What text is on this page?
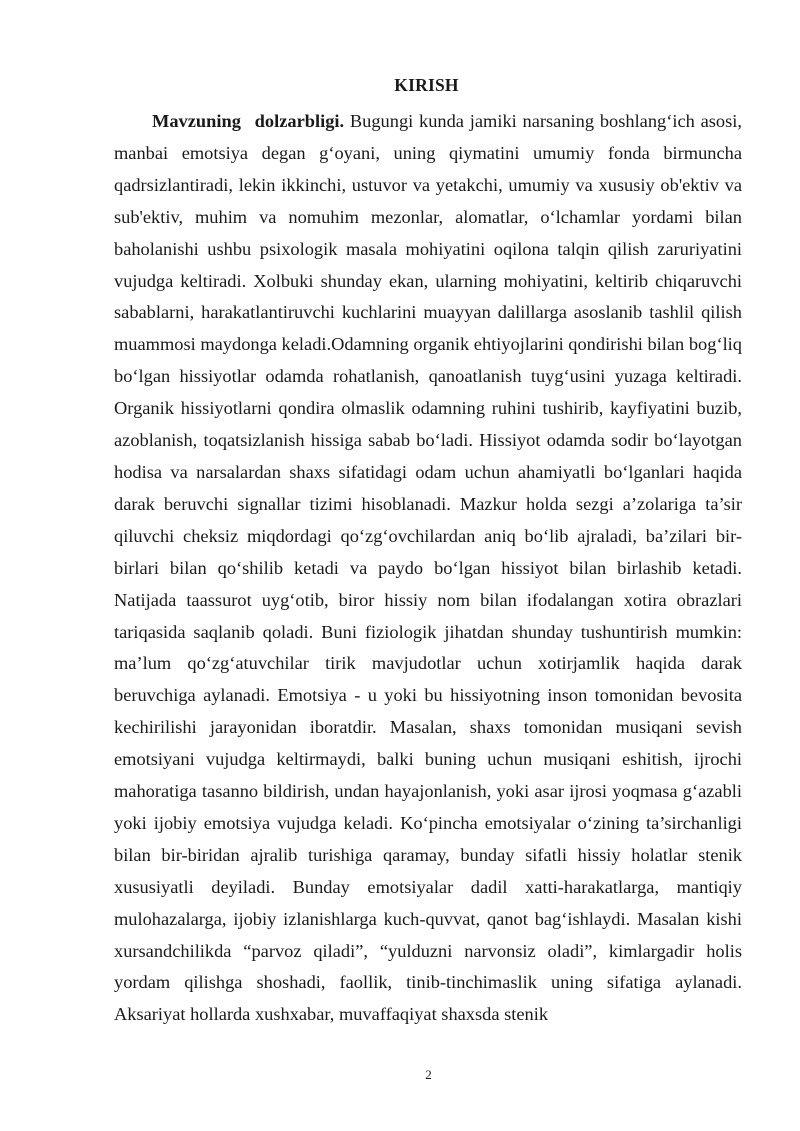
KIRISH

Mavzuning dolzarbligi. Bugungi kunda jamiki narsaning boshlang‘ich asosi, manbai emotsiya degan g‘oyani, uning qiymatini umumiy fonda birmuncha qadrsizlantiradi, lekin ikkinchi, ustuvor va yetakchi, umumiy va xususiy ob'ektiv va sub'ektiv, muhim va nomuhim mezonlar, alomatlar, o‘lchamlar yordami bilan baholanishi ushbu psixologik masala mohiyatini oqilona talqin qilish zaruriyatini vujudga keltiradi. Xolbuki shunday ekan, ularning mohiyatini, keltirib chiqaruvchi sabablarni, harakatlantiruvchi kuchlarini muayyan dalillarga asoslanib tashlil qilish muammosi maydonga keladi.Odamning organik ehtiyojlarini qondirishi bilan bog‘liq bo‘lgan hissiyotlar odamda rohatlanish, qanoatlanish tuyg‘usini yuzaga keltiradi. Organik hissiyotlarni qondira olmaslik odamning ruhini tushirib, kayfiyatini buzib, azoblanish, toqatsizlanish hissiga sabab bo‘ladi. Hissiyot odamda sodir bo‘layotgan hodisa va narsalardan shaxs sifatidagi odam uchun ahamiyatli bo‘lganlari haqida darak beruvchi signallar tizimi hisoblanadi. Mazkur holda sezgi a’zolariga ta’sir qiluvchi cheksiz miqdordagi qo‘zg‘ovchilardan aniq bo‘lib ajraladi, ba’zilari bir-birlari bilan qo‘shilib ketadi va paydo bo‘lgan hissiyot bilan birlashib ketadi. Natijada taassurot uyg‘otib, biror hissiy nom bilan ifodalangan xotira obrazlari tariqasida saqlanib qoladi. Buni fiziologik jihatdan shunday tushuntirish mumkin: ma’lum qo‘zg‘atuvchilar tirik mavjudotlar uchun xotirjamlik haqida darak beruvchiga aylanadi. Emotsiya - u yoki bu hissiyotning inson tomonidan bevosita kechirilishi jarayonidan iboratdir. Masalan, shaxs tomonidan musiqani sevish emotsiyani vujudga keltirmaydi, balki buning uchun musiqani eshitish, ijrochi mahoratiga tasanno bildirish, undan hayajonlanish, yoki asar ijrosi yoqmasa g‘azabli yoki ijobiy emotsiya vujudga keladi. Ko‘pincha emotsiyalar o‘zining ta’sirchanligi bilan bir-biridan ajralib turishiga qaramay, bunday sifatli hissiy holatlar stenik xususiyatli deyiladi. Bunday emotsiyalar dadil xatti-harakatlarga, mantiqiy mulohazalarga, ijobiy izlanishlarga kuch-quvvat, qanot bag‘ishlaydi. Masalan kishi xursandchilikda “parvoz qiladi”, “yulduzni narvonsiz oladi”, kimlargadir holis yordam qilishga shoshadi, faollik, tinib-tinchimaslik uning sifatiga aylanadi. Aksariyat hollarda xushxabar, muvaffaqiyat shaxsda stenik

2
